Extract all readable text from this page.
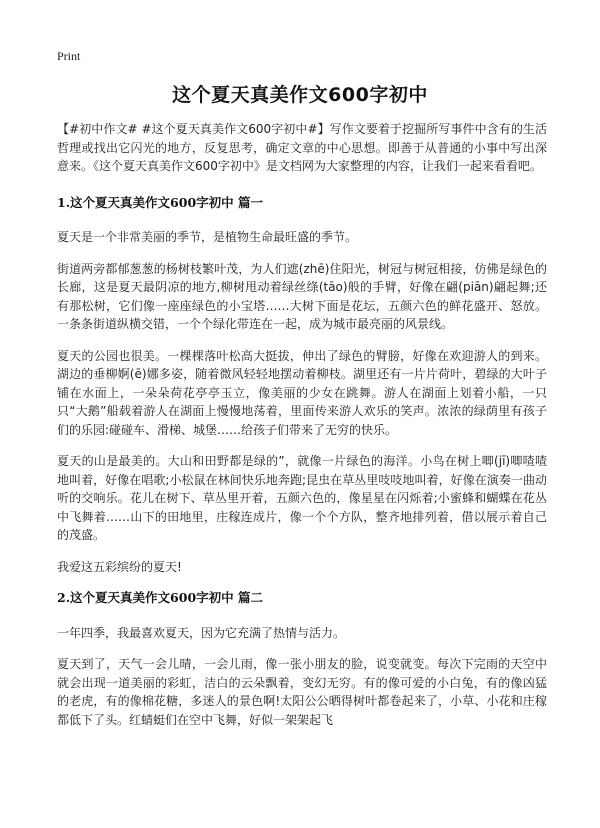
Print
这个夏天真美作文600字初中

【#初中作文# #这个夏天真美作文600字初中#】写作文要着于挖掘所写事件中含有的生活哲理或找出它闪光的地方，反复思考，确定文章的中心思想。即善于从普通的小事中写出深意来。《这个夏天真美作文600字初中》是文档网为大家整理的内容，让我们一起来看看吧。

1.这个夏天真美作文600字初中 篇一

夏天是一个非常美丽的季节，是植物生命最旺盛的季节。

街道两旁都郁葱葱的杨树枝繁叶茂，为人们遮(zhē)住阳光，树冠与树冠相接，仿佛是绿色的长廊，这是夏天最阴凉的地方,柳树甩动着绿丝绦(tāo)般的手臂，好像在翩(piān)翩起舞;还有那松树，它们像一座座绿色的小宝塔……大树下面是花坛，五颜六色的鲜花盛开、怒放。一条条街道纵横交错，一个个绿化带连在一起，成为城市最亮丽的风景线。

夏天的公园也很美。一棵棵落叶松高大挺拔，伸出了绿色的臂膀，好像在欢迎游人的到来。湖边的垂柳婀(ē)娜多姿，随着微风轻轻地摆动着柳枝。湖里还有一片片荷叶，碧绿的大叶子铺在水面上，一朵朵荷花亭亭玉立，像美丽的少女在跳舞。游人在湖面上划着小船，一只只“大鹅”船载着游人在湖面上慢慢地荡着，里面传来游人欢乐的笑声。浓浓的绿荫里有孩子们的乐园:碰碰车、滑梯、城堡……给孩子们带来了无穷的快乐。

夏天的山是最美的。大山和田野都是绿的”，就像一片绿色的海洋。小鸟在树上唧(jī)唧喳喳地叫着，好像在唱歌;小松鼠在林间快乐地奔跑;昆虫在草丛里吱吱地叫着，好像在演奏一曲动听的交响乐。花儿在树下、草丛里开着，五颜六色的，像星星在闪烁着;小蜜蜂和蝴蝶在花丛中飞舞着……山下的田地里，庄稼连成片，像一个个方队，整齐地排列着，借以展示着自己的茂盛。

我爱这五彩缤纷的夏天!

2.这个夏天真美作文600字初中 篇二

一年四季，我最喜欢夏天，因为它充满了热情与活力。

夏天到了，天气一会儿晴，一会儿雨，像一张小朋友的脸，说变就变。每次下完雨的天空中就会出现一道美丽的彩虹，洁白的云朵飘着，变幻无穷。有的像可爱的小白兔，有的像凶猛的老虎，有的像棉花糖，多迷人的景色啊!太阳公公晒得树叶都卷起来了，小草、小花和庄稼都低下了头。红蜻蜓们在空中飞舞，好似一架架起飞
